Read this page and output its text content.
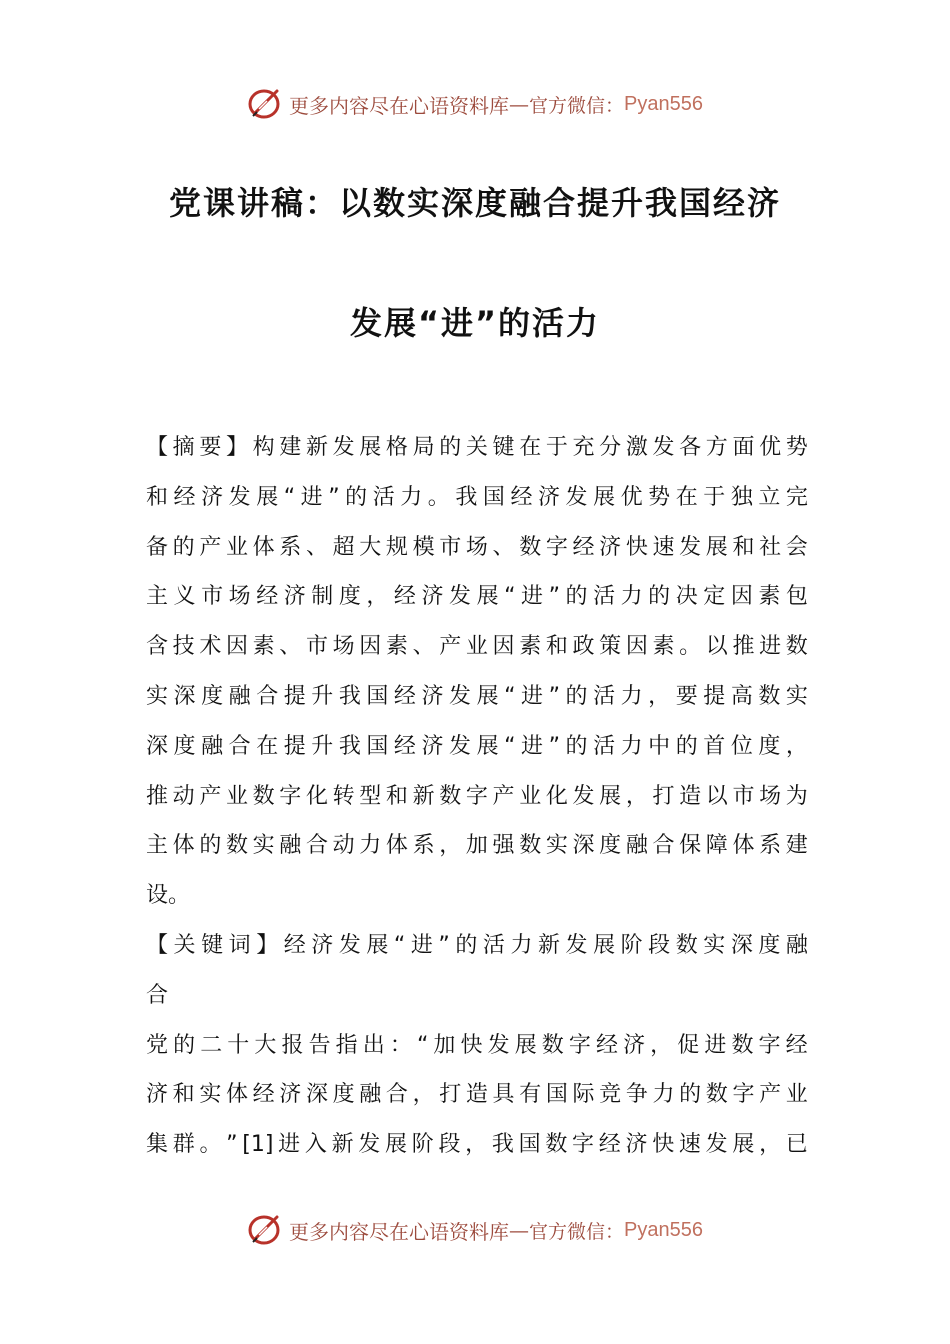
更多内容尽在心语资料库 — 官方微信： Pyan556
党课讲稿：以数实深度融合提升我国经济
发展“进”的活力
【 摘 要 】 构 建 新 发 展 格 局 的 关 键 在 于 充 分 激 发 各 方 面 优 势
和 经 济 发 展 “ 进 ” 的 活 力 。 我 国 经 济 发 展 优 势 在 于 独 立 完
备 的 产 业 体 系 、 超 大 规 模 市 场 、 数 字 经 济 快 速 发 展 和 社 会
主 义 市 场 经 济 制 度 ， 经 济 发 展 “ 进 ” 的 活 力 的 决 定 因 素 包
含 技 术 因 素 、 市 场 因 素 、 产 业 因 素 和 政 策 因 素 。 以 推 进 数
实 深 度 融 合 提 升 我 国 经 济 发 展 “ 进 ” 的 活 力 ， 要 提 高 数 实
深 度 融 合 在 提 升 我 国 经 济 发 展 “ 进 ” 的 活 力 中 的 首 位 度 ，
推 动 产 业 数 字 化 转 型 和 新 数 字 产 业 化 发 展 ， 打 造 以 市 场 为
主 体 的 数 实 融 合 动 力 体 系 ， 加 强 数 实 深 度 融 合 保 障 体 系 建
设 。
【 关 键 词 】 经 济 发 展 “ 进 ” 的 活 力 新 发 展 阶 段 数 实 深 度 融
合
党 的 二 十 大 报 告 指 出 ： “ 加 快 发 展 数 字 经 济 ， 促 进 数 字 经
济 和 实 体 经 济 深 度 融 合 ， 打 造 具 有 国 际 竞 争 力 的 数 字 产 业
集 群 。 ” [1] 进 入 新 发 展 阶 段 ， 我 国 数 字 经 济 快 速 发 展 ， 已
更多内容尽在心语资料库 — 官方微信： Pyan556
